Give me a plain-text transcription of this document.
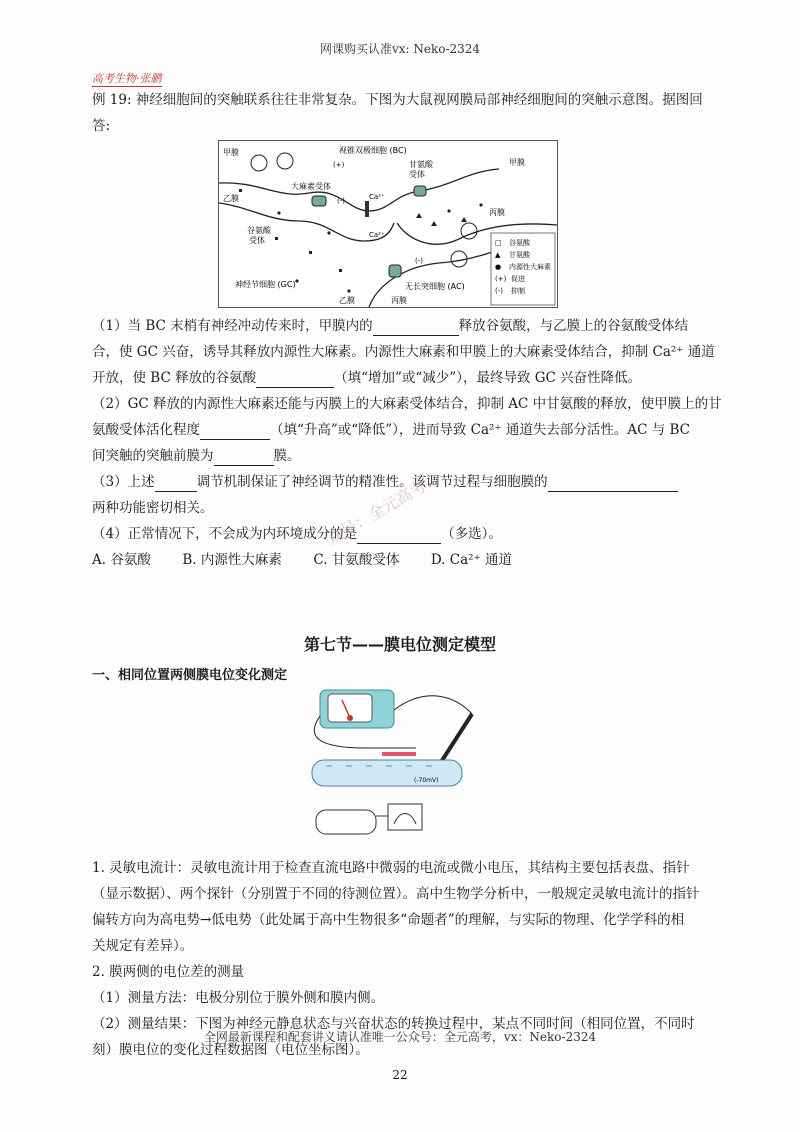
网课购买认准vx: Neko-2324
高考生物·张鹏
例 19: 神经细胞间的突触联系往往非常复杂。下图为大鼠视网膜局部神经细胞间的突触示意图。据图回
答:
视锥双极细胞 (BC)
甲膜
甲膜
(+)	甘氨酸
受体
大麻素受体
(-)	Ca²⁺
Ca²⁺
乙膜
丙膜
谷氨酸
受体
(-)
神经节细胞 (GC)	无长突细胞 (AC)
乙膜	丙膜
□ 谷氨酸
▲ 甘氨酸
● 内源性大麻素
(+) 促进
(-) 抑制
（1）当 BC 末梢有神经冲动传来时，甲膜内的	释放谷氨酸，与乙膜上的谷氨酸受体结
合，使 GC 兴奋，诱导其释放内源性大麻素。内源性大麻素和甲膜上的大麻素受体结合，抑制 Ca²⁺ 通道
开放，使 BC 释放的谷氨酸	（填“增加”或“减少”），最终导致 GC 兴奋性降低。
（2）GC 释放的内源性大麻素还能与丙膜上的大麻素受体结合，抑制 AC 中甘氨酸的释放，使甲膜上的甘
氨酸受体活化程度	（填“升高”或“降低”），进而导致 Ca²⁺ 通道失去部分活性。AC 与 BC
间突触的突触前膜为	膜。
（3）上述	调节机制保证了神经调节的精准性。该调节过程与细胞膜的
两种功能密切相关。
（4）正常情况下，不会成为内环境成分的是	（多选）。
A. 谷氨酸 B. 内源性大麻素 C. 甘氨酸受体 D. Ca²⁺ 通道
众号：全元高考
第七节——膜电位测定模型
一、相同位置两侧膜电位变化测定
(-70mV)
1. 灵敏电流计：灵敏电流计用于检查直流电路中微弱的电流或微小电压，其结构主要包括表盘、指针
（显示数据）、两个探针（分别置于不同的待测位置）。高中生物学分析中，一般规定灵敏电流计的指针
偏转方向为高电势→低电势（此处属于高中生物很多“命题者”的理解，与实际的物理、化学学科的相
关规定有差异）。
2. 膜两侧的电位差的测量
（1）测量方法：电极分别位于膜外侧和膜内侧。
（2）测量结果：下图为神经元静息状态与兴奋状态的转换过程中，某点不同时间（相同位置，不同时
刻）膜电位的变化过程数据图（电位坐标图）。
全网最新课程和配套讲义请认准唯一公众号：全元高考，vx：Neko-2324
22
